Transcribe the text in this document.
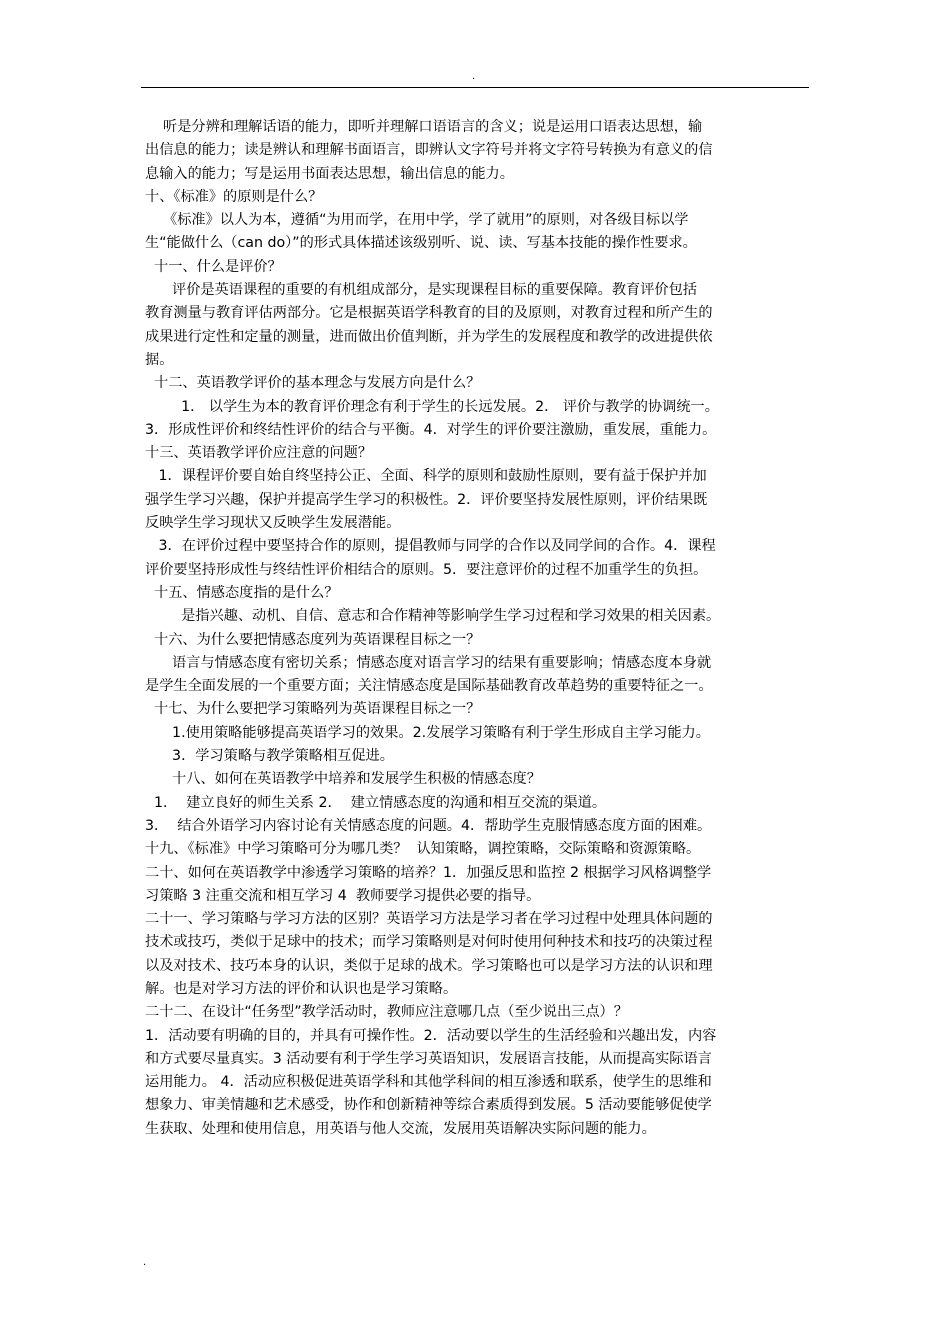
.
听是分辨和理解话语的能力，即听并理解口语语言的含义；说是运用口语表达思想，输
出信息的能力；读是辨认和理解书面语言，即辨认文字符号并将文字符号转换为有意义的信
息输入的能力；写是运用书面表达思想，输出信息的能力。
十、《标准》的原则是什么？
《标准》以人为本，遵循“为用而学，在用中学，学了就用”的原则，对各级目标以学
生“能做什么（can do）”的形式具体描述该级别听、说、读、写基本技能的操作性要求。
十一、什么是评价？
评价是英语课程的重要的有机组成部分，是实现课程目标的重要保障。教育评价包括
教育测量与教育评估两部分。它是根据英语学科教育的目的及原则，对教育过程和所产生的
成果进行定性和定量的测量，进而做出价值判断，并为学生的发展程度和教学的改进提供依
据。
十二、英语教学评价的基本理念与发展方向是什么？
1． 以学生为本的教育评价理念有利于学生的长远发展。2． 评价与教学的协调统一。
3．形成性评价和终结性评价的结合与平衡。4．对学生的评价要注激励，重发展，重能力。
十三、英语教学评价应注意的问题？
1．课程评价要自始自终坚持公正、全面、科学的原则和鼓励性原则，要有益于保护并加
强学生学习兴趣，保护并提高学生学习的积极性。2．评价要坚持发展性原则，评价结果既
反映学生学习现状又反映学生发展潜能。
3．在评价过程中要坚持合作的原则，提倡教师与同学的合作以及同学间的合作。4．课程
评价要坚持形成性与终结性评价相结合的原则。5．要注意评价的过程不加重学生的负担。
十五、情感态度指的是什么？
是指兴趣、动机、自信、意志和合作精神等影响学生学习过程和学习效果的相关因素。
十六、为什么要把情感态度列为英语课程目标之一？
语言与情感态度有密切关系；情感态度对语言学习的结果有重要影响；情感态度本身就
是学生全面发展的一个重要方面；关注情感态度是国际基础教育改革趋势的重要特征之一。
十七、为什么要把学习策略列为英语课程目标之一？
1.使用策略能够提高英语学习的效果。2.发展学习策略有利于学生形成自主学习能力。
3．学习策略与教学策略相互促进。
十八、如何在英语教学中培养和发展学生积极的情感态度？
1．  建立良好的师生关系 2．  建立情感态度的沟通和相互交流的渠道。
3．  结合外语学习内容讨论有关情感态度的问题。4．帮助学生克服情感态度方面的困难。
十九、《标准》中学习策略可分为哪几类？  认知策略，调控策略，交际策略和资源策略。
二十、如何在英语教学中渗透学习策略的培养？1．加强反思和监控 2 根据学习风格调整学
习策略 3 注重交流和相互学习 4  教师要学习提供必要的指导。
二十一、学习策略与学习方法的区别？英语学习方法是学习者在学习过程中处理具体问题的
技术或技巧，类似于足球中的技术；而学习策略则是对何时使用何种技术和技巧的决策过程
以及对技术、技巧本身的认识，类似于足球的战术。学习策略也可以是学习方法的认识和理
解。也是对学习方法的评价和认识也是学习策略。
二十二、在设计“任务型”教学活动时，教师应注意哪几点（至少说出三点）？
1．活动要有明确的目的，并具有可操作性。2．活动要以学生的生活经验和兴趣出发，内容
和方式要尽量真实。3 活动要有利于学生学习英语知识，发展语言技能，从而提高实际语言
运用能力。 4．活动应积极促进英语学科和其他学科间的相互渗透和联系，使学生的思维和
想象力、审美情趣和艺术感受，协作和创新精神等综合素质得到发展。5 活动要能够促使学
生获取、处理和使用信息，用英语与他人交流，发展用英语解决实际问题的能力。
.
